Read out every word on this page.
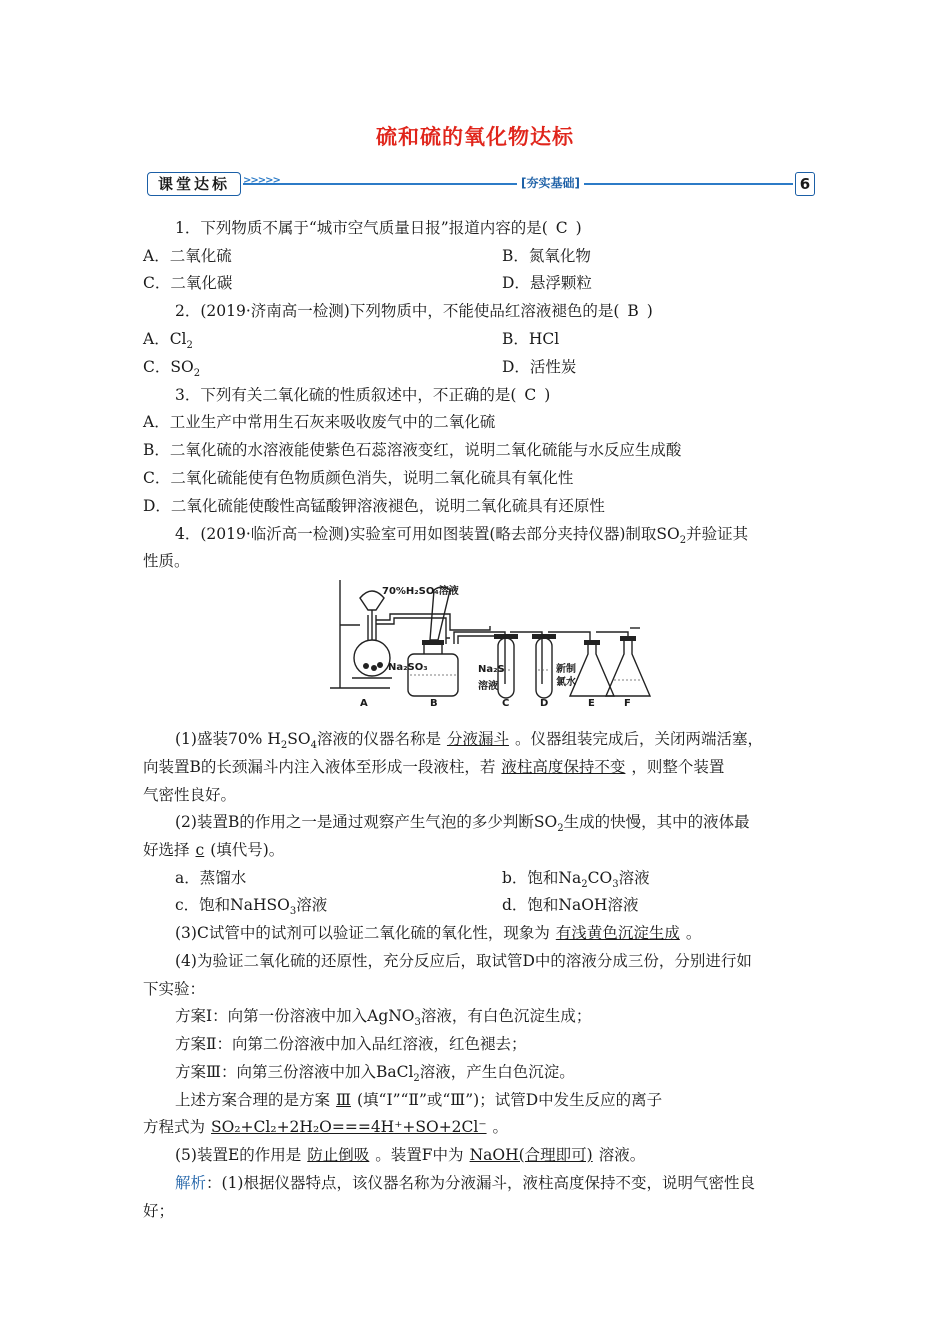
硫和硫的氧化物达标
课堂达标	>>>>>	[夯实基础]	6
1．下列物质不属于“城市空气质量日报”报道内容的是( C )
A．二氧化硫	B．氮氧化物
C．二氧化碳	D．悬浮颗粒
2．(2019·济南高一检测)下列物质中，不能使品红溶液褪色的是( B )
A．$Cl_2$	B．HCl
C．$SO_2$	D．活性炭
3．下列有关二氧化硫的性质叙述中，不正确的是( C )
A．工业生产中常用生石灰来吸收废气中的二氧化硫
B．二氧化硫的水溶液能使紫色石蕊溶液变红，说明二氧化硫能与水反应生成酸
C．二氧化硫能使有色物质颜色消失，说明二氧化硫具有氧化性
D．二氧化硫能使酸性高锰酸钾溶液褪色，说明二氧化硫具有还原性
4．(2019·临沂高一检测)实验室可用如图装置(略去部分夹持仪器)制取$SO_2$并验证其
性质。
70%H₂SO₄溶液
Na₂SO₃	Na₂S
溶液
新制
氯水
A	B	C	D	E	F
(1)盛装70% $H_2SO_4$溶液的仪器名称是 分液漏斗 。仪器组装完成后，关闭两端活塞，
向装置B的长颈漏斗内注入液体至形成一段液柱，若 液柱高度保持不变 ，则整个装置
气密性良好。
(2)装置B的作用之一是通过观察产生气泡的多少判断$SO_2$生成的快慢，其中的液体最
好选择 c (填代号)。
a．蒸馏水	b．饱和$Na_2CO_3$溶液
c．饱和NaHSO$_3$溶液	d．饱和NaOH溶液
(3)C试管中的试剂可以验证二氧化硫的氧化性，现象为 有浅黄色沉淀生成 。
(4)为验证二氧化硫的还原性，充分反应后，取试管D中的溶液分成三份，分别进行如
下实验：
方案Ⅰ：向第一份溶液中加入AgNO$_3$溶液，有白色沉淀生成；
方案Ⅱ：向第二份溶液中加入品红溶液，红色褪去；
方案Ⅲ：向第三份溶液中加入BaCl$_2$溶液，产生白色沉淀。
上述方案合理的是方案 Ⅲ (填“Ⅰ”“Ⅱ”或“Ⅲ”)；试管D中发生反应的离子
方程式为 SO₂+Cl₂+2H₂O===4H⁺+SO+2Cl⁻ 。
(5)装置E的作用是 防止倒吸 。装置F中为 NaOH(合理即可) 溶液。
解析：(1)根据仪器特点，该仪器名称为分液漏斗，液柱高度保持不变，说明气密性良
好；
